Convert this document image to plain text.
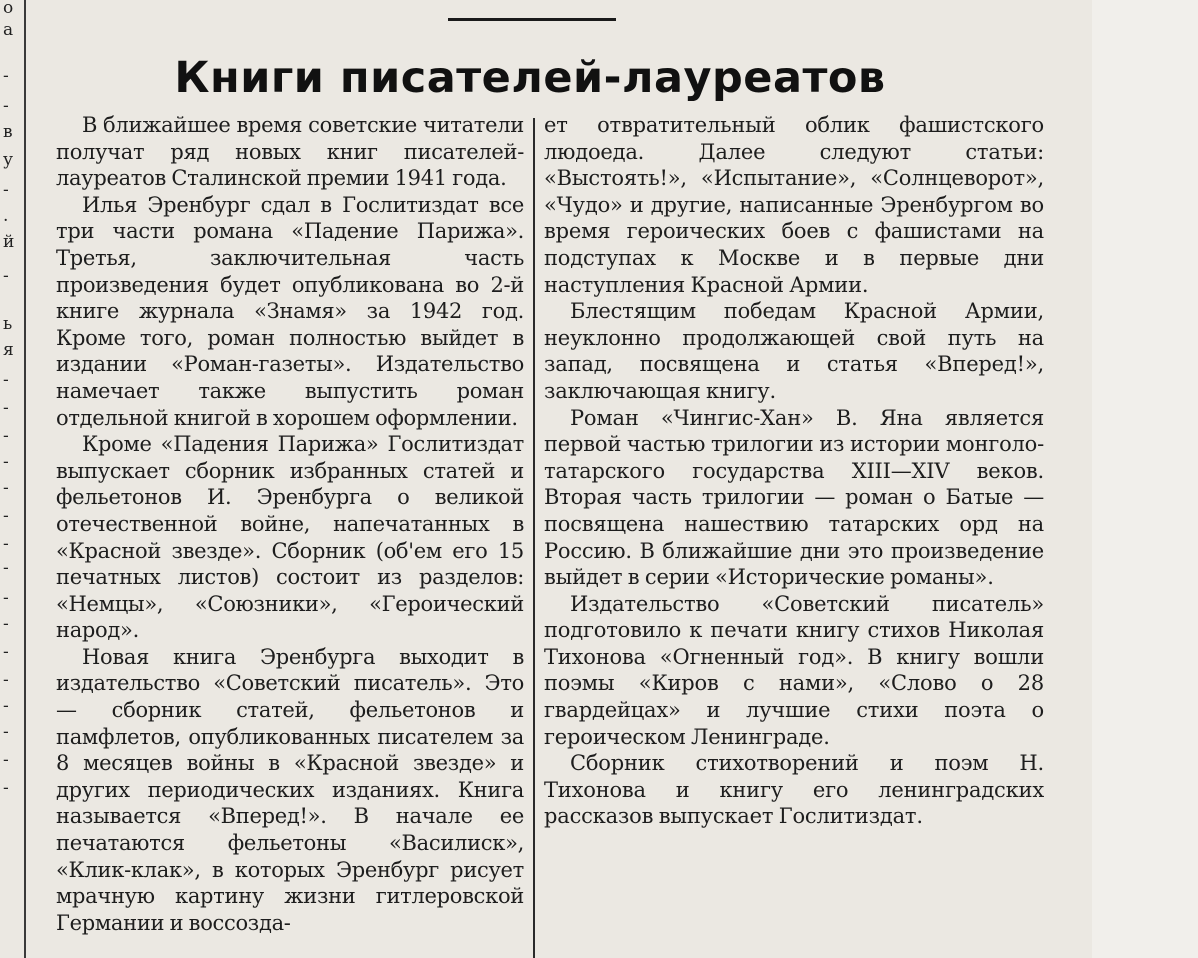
о
а
-
-
в
у
-
.
й
-
ь
я
-
-
-
-
-
-
-
-
-
-
-
-
-
-
-
-
Книги писателей-лауреатов

В ближайшее время советские читатели получат ряд новых книг писателей-лауреатов Сталинской премии 1941 года.

Илья Эренбург сдал в Гослитиздат все три части романа «Падение Парижа». Третья, заключительная часть произведения будет опубликована во 2-й книге журнала «Знамя» за 1942 год. Кроме того, роман полностью выйдет в издании «Роман-газеты». Издательство намечает также выпустить роман отдельной книгой в хорошем оформлении.

Кроме «Падения Парижа» Гослитиздат выпускает сборник избранных статей и фельетонов И. Эренбурга о великой отечественной войне, напечатанных в «Красной звезде». Сборник (об'ем его 15 печатных листов) состоит из разделов: «Немцы», «Союзники», «Героический народ».

Новая книга Эренбурга выходит в издательство «Советский писатель». Это — сборник статей, фельетонов и памфлетов, опубликованных писателем за 8 месяцев войны в «Красной звезде» и других периодических изданиях. Книга называется «Вперед!». В начале ее печатаются фельетоны «Василиск», «Клик-клак», в которых Эренбург рисует мрачную картину жизни гитлеровской Германии и воссозда-

ет отвратительный облик фашистского людоеда. Далее следуют статьи: «Выстоять!», «Испытание», «Солнцеворот», «Чудо» и другие, написанные Эренбургом во время героических боев с фашистами на подступах к Москве и в первые дни наступления Красной Армии.

Блестящим победам Красной Армии, неуклонно продолжающей свой путь на запад, посвящена и статья «Вперед!», заключающая книгу.

Роман «Чингис-Хан» В. Яна является первой частью трилогии из истории монголо-татарского государства XIII—XIV веков. Вторая часть трилогии — роман о Батые — посвящена нашествию татарских орд на Россию. В ближайшие дни это произведение выйдет в серии «Исторические романы».

Издательство «Советский писатель» подготовило к печати книгу стихов Николая Тихонова «Огненный год». В книгу вошли поэмы «Киров с нами», «Слово о 28 гвардейцах» и лучшие стихи поэта о героическом Ленинграде.

Сборник стихотворений и поэм Н. Тихонова и книгу его ленинградских рассказов выпускает Гослитиздат.
